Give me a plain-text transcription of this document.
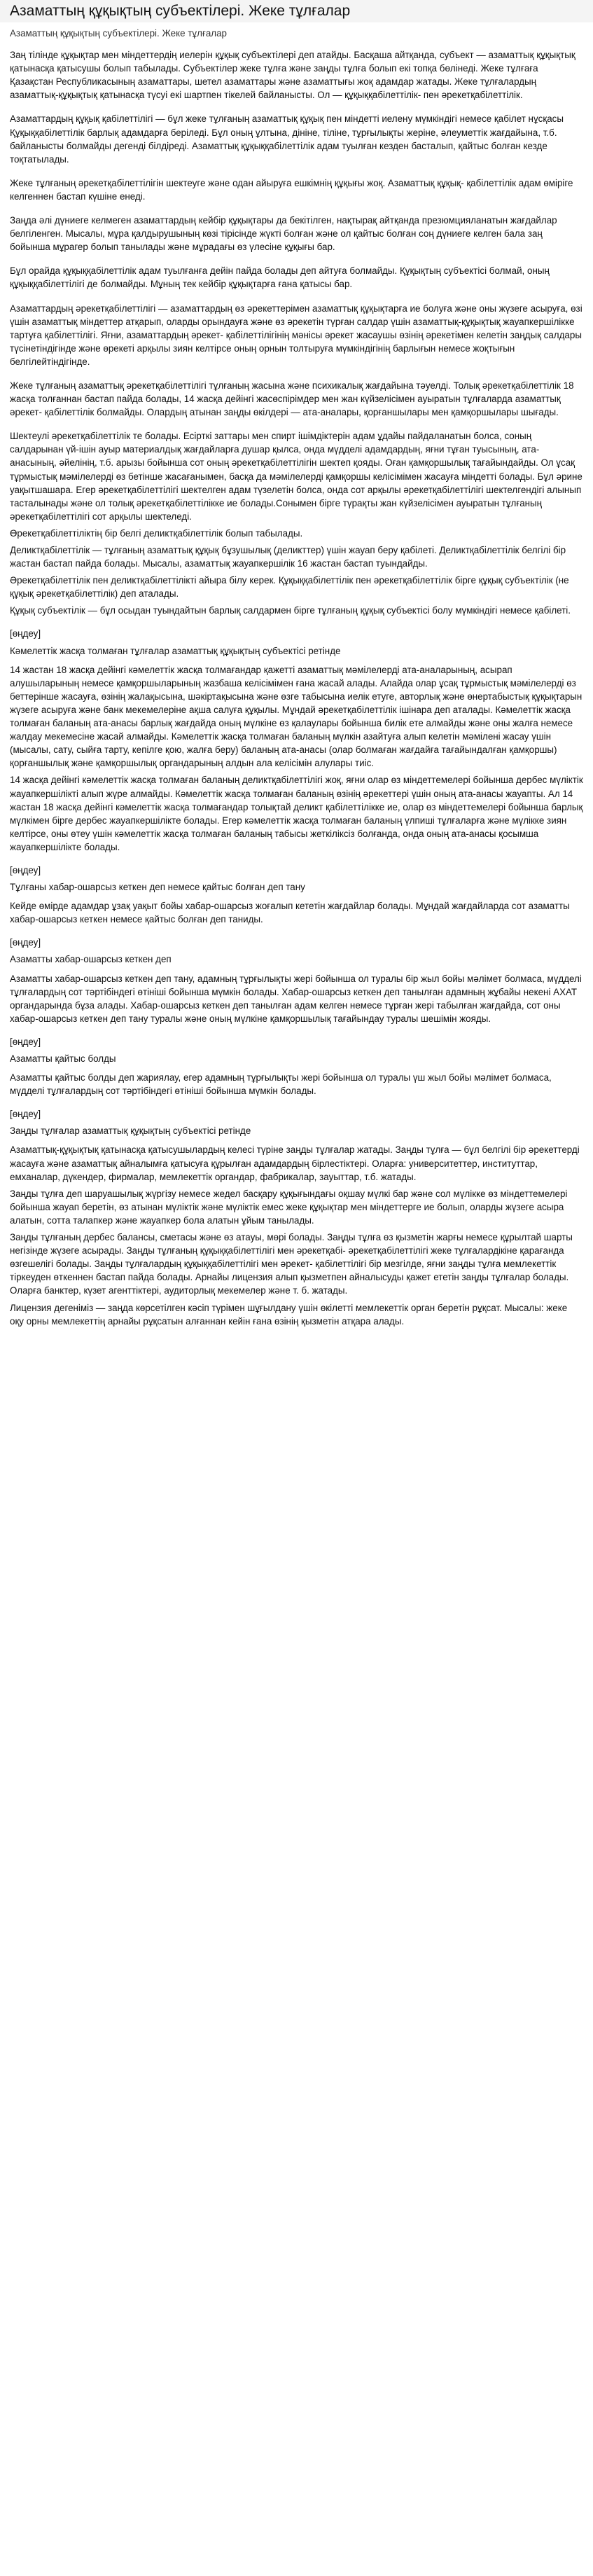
Азаматтың құқықтың субъектілері. Жеке тұлғалар

Азаматтың құқықтың субъектілері. Жеке тұлғалар

Заң тілінде құқықтар мен міндеттердің иелерін құқық субъектілері деп атайды. Басқаша айтқанда, субъект — азаматтық құқықтық қатынасқа қатысушы болып табылады. Субъектілер жеке тұлға және заңды тұлға болып екі топқа бөлінеді. Жеке тұлғаға Қазақстан Республикасының азаматтары, шетел азаматтары және азаматтығы жоқ адамдар жатады. Жеке тұлғалардың азаматтық-құқықтық қатынасқа түсуі екі шартпен тікелей байланысты. Ол — құқыққабілеттілік- пен әрекетқабілеттілік.

Азаматтардың құқық қабілеттілігі — бұл жеке тұлғаның азаматтық құқық пен міндетті иелену мүмкіндігі немесе қабілет нұсқасы Құқыққабілеттілік барлық адамдарға беріледі. Бұл оның ұлтына, дініне, тіліне, тұрғылықты жеріне, әлеуметтік жағдайына, т.б. байланысты болмайды дегенді білдіреді. Азаматтық құқыққабілеттілік адам туылған кезден басталып, қайтыс болған кезде тоқтатылады.

Жеке тұлғаның әрекетқабілеттілігін шектеуге және одан айыруға ешкімнің құқығы жоқ. Азаматтық құқық- қабілеттілік адам өміріге келгеннен бастап күшіне енеді.

Заңда әлі дүниеге келмеген азаматтардың кейбір құқықтары да бекітілген, нақтырақ айтқанда презюмцияланатын жағдайлар белгіленген. Мысалы, мұра қалдырушының көзі тірісінде жүкті болған және ол қайтыс болған соң дүниеге келген бала заң бойынша мұрагер болып танылады және мұрадағы өз үлесіне құқығы бар.

Бұл орайда құқыққабілеттілік адам туылғанға дейін пайда болады деп айтуға болмайды. Құқықтың субъектісі болмай, оның құқыққабілеттілігі де болмайды. Мұның тек кейбір құқықтарға ғана қатысы бар.

Азаматтардың әрекетқабілеттілігі — азаматтардың өз әрекеттерімен азаматтық құқықтарға ие болуға және оны жүзеге асыруға, өзі үшін азаматтық міндеттер атқарып, оларды орындауға және өз әрекетін түрған салдар үшін азаматтық-құқықтық жауапкершілікке тартуға қабілеттілігі. Яғни, азаматтардың әрекет- қабілеттілігінің мәнісы әрекет жасаушы өзінің әрекетімен келетін заңдық салдары түсінетіндігінде және өрекеті арқылы зиян келтірсе оның орнын толтыруға мүмкіндігінің барлығын немесе жоқтығын белгілейтіндігінде.

Жеке тұлғаның азаматтық әрекетқабілеттілігі тұлғаның жасына және психикалық жағдайына тәуелді. Толық әрекетқабілеттілік 18 жасқа толғаннан бастап пайда болады, 14 жасқа дейінгі жасөспірімдер мен жан күйзелісімен ауыратын тұлғаларда азаматтық әрекет- қабілеттілік болмайды. Олардың атынан заңды өкілдері — ата-аналары, қорғаншылары мен қамқоршылары шығады.

Шектеулі әрекетқабілеттілік те болады. Есірткі заттары мен спирт ішімдіктерін адам ұдайы пайдаланатын болса, соның салдарынан үй-ішін ауыр материалдық жағдайларға душар қылса, онда мүдделі адамдардың, яғни тұған туысының, ата-анасының, әйелінің, т.б. арызы бойынша сот оның әрекетқабілеттілігін шектеп қояды. Оған қамқоршылық тағайындайды. Ол ұсақ тұрмыстық мәмілелерді өз бетінше жасағанымен, басқа да мәмілелерді қамқоршы келісімімен жасауға міндетті болады. Бұл әрине уақытшашара. Егер әрекетқабілеттілігі шектелген адам түзелетін болса, онда сот арқылы әрекетқабілеттілігі шектелгендігі алынып тасталынады және ол толық әрекетқабілеттілікке ие болады.Сонымен бірге түрақты жан күйзелісімен ауыратын тұлғаның әрекетқабілеттілігі сот арқылы шектеледі.

Өрекетқабілеттіліктің бір белгі деликтқабілеттілік болып табылады.

Деликтқабілеттілік — тұлғаның азаматтық құқық бұзушылық (деликттер) үшін жауап беру қабілеті. Деликтқабілеттілік белгілі бір жастан бастап пайда болады. Мысалы, азаматтық жауапкершілік 16 жастан бастап туындайды.

Әрекетқабілеттілік пен деликтқабілеттілікті айыра білу керек. Құқыққабілеттілік пен әрекетқабілеттілік бірге құқық субъектілік (не құқық әрекетқабілеттілік) деп аталады.

Құқық субъектілік — бұл осыдан туындайтын барлық салдармен бірге тұлғаның құқық субъектісі болу мүмкіндігі немесе қабілеті.

[өңдеу]
Кәмелеттік жасқа толмаған тұлғалар азаматтық құқықтың субъектісі ретінде

14 жастан 18 жасқа дейінгі кәмелеттік жасқа толмағандар қажетті азаматтық мәмілелерді ата-аналарының, асырап алушыларының немесе қамқоршыларының жазбаша келісімімен ғана жасай алады. Алайда олар ұсақ тұрмыстық мәмілелерді өз беттерінше жасауға, өзінің жалақысына, шәкіртақысына және өзге табысына иелік етуге, авторлық және өнертабыстық құқықтарын жүзеге асыруға және банк мекемелеріне ақша салуға құқылы. Мұндай әрекетқабілеттілік ішінара деп аталады. Кәмелеттік жасқа толмаған баланың ата-анасы барлық жағдайда оның мүлкіне өз қалаулары бойынша билік ете алмайды және оны жалға немесе жалдау мекемесіне жасай алмайды. Кәмелеттік жасқа толмаған баланың мүлкін азайтуға алып келетін мәмілені жасау үшін (мысалы, сату, сыйға тарту, кепілге қою, жалға беру) баланың ата-анасы (олар болмаған жағдайға тағайындалған қамқоршы) қорғаншылық және қамқоршылық органдарының алдын ала келісімін алулары тиіс.

14 жасқа дейінгі кәмелеттік жасқа толмаған баланың деликтқабілеттілігі жоқ, яғни олар өз міндеттемелері бойынша дербес мүліктік жауапкершілікті алып жүре алмайды. Кәмелеттік жасқа толмаған баланың өзінің әрекеттері үшін оның ата-анасы жауапты. Ал 14 жастан 18 жасқа дейінгі кәмелеттік жасқа толмағандар толықтай деликт қабілеттілікке ие, олар өз міндеттемелері бойынша барлық мүлкімен бірге дербес жауапкершілікте болады. Егер кәмелеттік жасқа толмаған баланың үлпиші тұлғаларға және мүлікке зиян келтірсе, оны өтеу үшін кәмелеттік жасқа толмаған баланың табысы жеткіліксіз болғанда, онда оның ата-анасы қосымша жауапкершілікте болады.

[өңдеу]
Тұлғаны хабар-ошарсыз кеткен деп немесе қайтыс болған деп тану

Кейде өмірде адамдар ұзақ уақыт бойы хабар-ошарсыз жоғалып кететін жағдайлар болады. Мұндай жағдайларда сот азаматты хабар-ошарсыз кеткен немесе қайтыс болған деп таниды.

[өңдеу]
Азаматты хабар-ошарсыз кеткен деп

Азаматты хабар-ошарсыз кеткен деп тану, адамның тұрғылықты жері бойынша ол туралы бір жыл бойы мәлімет болмаса, мүдделі тұлғалардың сот тәртібіндегі өтініші бойынша мүмкін болады. Хабар-ошарсыз кеткен деп танылған адамның жұбайы некені АХАТ органдарында бұза алады. Хабар-ошарсыз кеткен деп танылған адам келген немесе тұрған жері табылған жағдайда, сот оны хабар-ошарсыз кеткен деп тану туралы және оның мүлкіне қамқоршылық тағайындау туралы шешімін жояды.

[өңдеу]
Азаматты қайтыс болды

Азаматты қайтыс болды деп жариялау, егер адамның тұрғылықты жері бойынша ол туралы үш жыл бойы мәлімет болмаса, мүдделі тұлғалардың сот тәртібіндегі өтініші бойынша мүмкін болады.

[өңдеу]
Заңды тұлғалар азаматтық құқықтың субъектісі ретінде

Азаматтық-құқықтық қатынасқа қатысушылардың келесі түріне заңды тұлғалар жатады. Заңды тұлға — бұл белгілі бір әрекеттерді жасауға және азаматтық айналымға қатысуға құрылған адамдардың бірлестіктері. Оларға: университеттер, институттар, емханалар, дүкендер, фирмалар, мемлекеттік органдар, фабрикалар, зауыттар, т.б. жатады.

Заңды тұлға деп шаруашылық жүргізу немесе жедел басқару құқығындағы оқшау мүлкі бар және сол мүлікке өз міндеттемелері бойынша жауап беретін, өз атынан мүліктік және мүліктік емес жеке құқықтар мен міндеттерге ие болып, оларды жүзеге асыра алатын, сотта талапкер және жауапкер бола алатын ұйым танылады.

Заңды тұлғаның дербес балансы, сметасы және өз атауы, мөрі болады. Заңды тұлға өз қызметін жарғы немесе құрылтай шарты негізінде жүзеге асырады. Заңды тұлғаның құқыққабілеттілігі мен әрекетқабі- әрекетқабілеттілігі жеке тұлғалардікіне қарағанда өзгешелігі болады. Заңды тұлғалардың құқыққабілеттілігі мен әрекет- қабілеттілігі бір мезгілде, яғни заңды тұлға мемлекеттік тіркеуден өткеннен бастап пайда болады. Арнайы лицензия алып қызметпен айналысуды қажет ететін заңды тұлғалар болады. Оларға банктер, күзет агенттіктері, аудиторлық мекемелер және т. б. жатады.

Лицензия дегеніміз — заңда көрсетілген кәсіп түрімен шұғылдану үшін өкілетті мемлекеттік орган беретін рұқсат. Мысалы: жеке оқу орны мемлекеттің арнайы рұқсатын алғаннан кейін ғана өзінің қызметін атқара алады.
